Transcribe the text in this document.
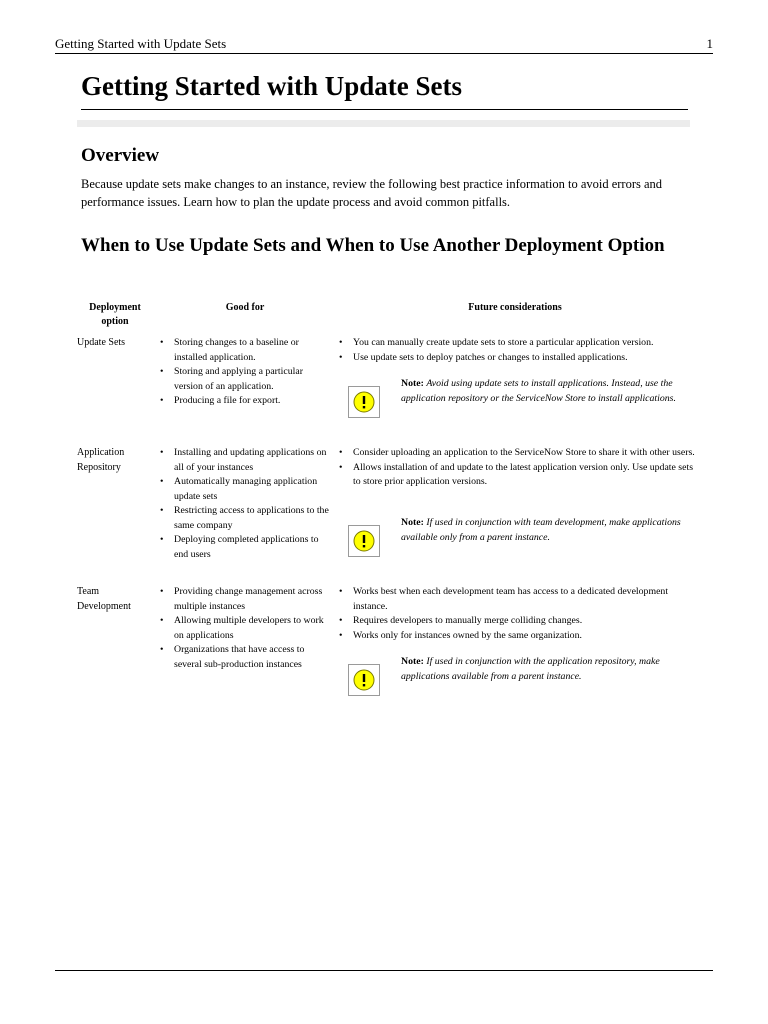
Getting Started with Update Sets	1
Getting Started with Update Sets
Overview

Because update sets make changes to an instance, review the following best practice information to avoid errors and performance issues. Learn how to plan the update process and avoid common pitfalls.

When to Use Update Sets and When to Use Another Deployment Option
Deployment option
Good for	Future considerations
Update Sets
•	Storing changes to a baseline or installed application.
• Storing and applying a particular version of an application.
• Producing a file for export.
• You can manually create update sets to store a particular application version.
• Use update sets to deploy patches or changes to installed applications.
Note: Avoid using update sets to install applications. Instead, use the application repository or the ServiceNow Store to install applications.
Application Repository
• Installing and updating applications on all of your instances
• Automatically managing application update sets
• Restricting access to applications to the same company
• Deploying completed applications to end users
• Consider uploading an application to the ServiceNow Store to share it with other users.
• Allows installation of and update to the latest application version only. Use update sets to store prior application versions.
Note: If used in conjunction with team development, make applications available only from a parent instance.
Team Development
• Providing change management across multiple instances
• Allowing multiple developers to work on applications
• Organizations that have access to several sub-production instances
• Works best when each development team has access to a dedicated development instance.
• Requires developers to manually merge colliding changes.
• Works only for instances owned by the same organization.
Note: If used in conjunction with the application repository, make applications available from a parent instance.
